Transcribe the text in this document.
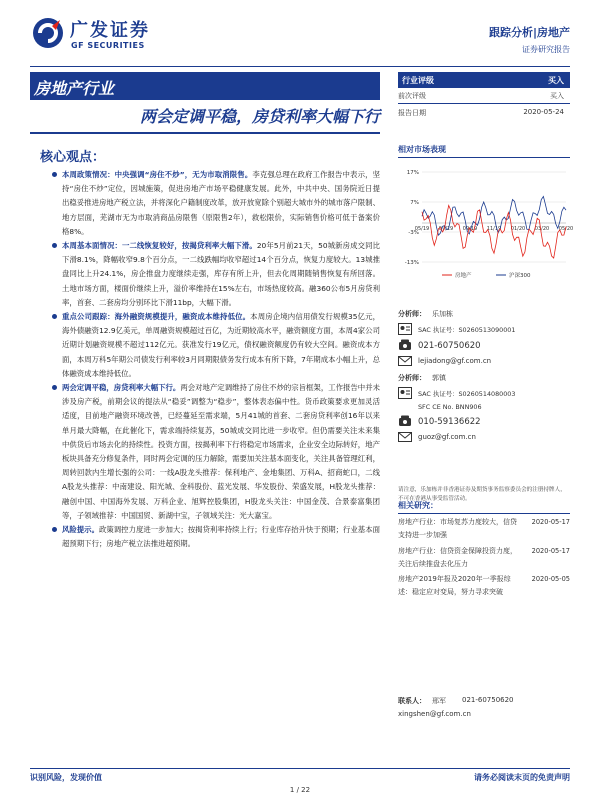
广发证券
GF SECURITIES
跟踪分析|房地产
证券研究报告
房地产行业
两会定调平稳，房贷利率大幅下行
核心观点：
本周政策情况：中央强调“房住不炒”，无为市取消限售。李克强总理在政府工作报告中表示，坚持“房住不炒”定位，因城施策，促进房地产市场平稳健康发展。此外，中共中央、国务院近日提出稳妥推进房地产税立法，并将深化户籍制度改革，放开放宽除个别超大城市外的城市落户限制、地方层面，芜湖市无为市取消商品房限售（原限售2年），救松限价，实际销售价格可低于备案价格8%。
本周基本面情况：一二线恢复较好，按揭贷利率大幅下滑。20年5月前21天，50城新房成交同比下滑8.1%，降幅收窄9.8个百分点，一二线跌幅均收窄超过14个百分点，恢复力度较大。13城推盘同比上升24.1%，房企推盘力度继续走强，库存有所上升，但去化周期随销售恢复有所回落。土地市场方面，楼面价继续上升，溢价率维持在15%左右，市场热度较高。融360公布5月房贷利率，首套、二套房均分别环比下滑11bp，大幅下滑。
重点公司跟踪：海外融资规模提升，融资成本维持低位。本周房企境内信用债发行规模35亿元，海外债融资12.9亿美元，单周融资规模超过百亿，为近期较高水平，融资额度方面，本周4家公司近期计划融资规模不超过112亿元。获准发行19亿元，债权融资额度仍有较大空间。融资成本方面，本周万科5年期公司债发行利率较3月同期限债务发行成本有所下降，7年期成本小幅上升，总体融资成本维持低位。
两会定调平稳，房贷利率大幅下行。两会对地产定调维持了房住不炒的宗旨框架，工作报告中并未涉及房产税，前期会议的提法从“稳妥”调整为“稳步”，整体表态偏中性。货币政策要求更加灵活适度，目前地产融资环境改善，已经蔓延至需求端，5月41城的首套、二套房贷利率创16年以来单月最大降幅，在此催化下，需求端持续复苏，50城成交同比进一步收窄。但仍需要关注未来集中供货后市场去化的持续性。投资方面，按揭利率下行将稳定市场需求，企业安全边际转好，地产板块具备充分修复条件，同时两会定调的压力解除，需要加关注基本面变化，关注具备管理红利，周转回款内生增长强的公司：一线A股龙头推荐：保利地产、金地集团、万科A、招商蛇口，二线A股龙头推荐：中南建设、阳光城、金科股份、蓝光发展、华发股份、荣盛发展，H股龙头推荐：融创中国、中国海外发展、万科企业、旭辉控股集团，H股龙头关注：中国金茂、合景泰富集团等，子领域推荐：中国国贸、新湖中宝，子领域关注：光大嘉宝。
风险提示。政策调控力度进一步加大；按揭贷利率持续上行；行业库存抬升快于预期；行业基本面超预期下行；房地产税立法推进超预期。
行业评级	买入
前次评级	买入
报告日期	2020-05-24
相对市场表现
17%
7%
-3%
-13%
05/19 07/19 09/19 11/19 01/20 03/20 05/20
房地产	沪深300
分析师： 乐加栋
SAC 执证号：S0260513090001
021-60750620
lejiadong@gf.com.cn
分析师： 郭镇
SAC 执证号：S0260514080003
SFC CE No. BNN906
010-59136622
guoz@gf.com.cn
请注意，乐加栋并非香港证券及期货事务监察委员会的注册持牌人，不可在香港从事受监管活动。
相关研究：
房地产行业：市场复苏力度较大，信贷支持进一步加强
2020-05-17
房地产行业：信贷资金保障投资力度，关注后续推盘去化压力
2020-05-17
房地产2019年报及2020年一季报综述：稳定应对变局，努力寻求突破
2020-05-05
联系人： 邢军 021-60750620
xingshen@gf.com.cn
识别风险，发现价值	请务必阅读末页的免责声明
1 / 22
